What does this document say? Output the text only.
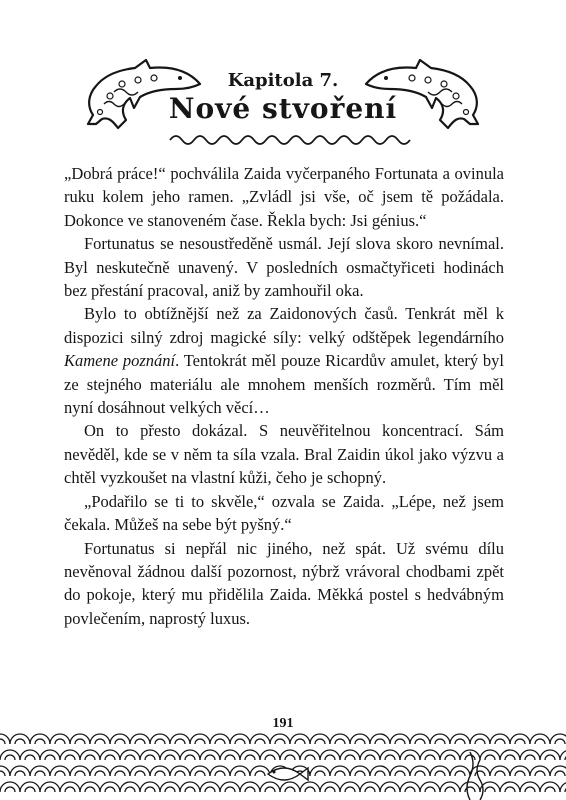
Kapitola 7.
Nové stvoření

„Dobrá práce!“ pochválila Zaida vyčerpaného Fortunata a ovinula ruku kolem jeho ramen. „Zvládl jsi vše, oč jsem tě požádala. Dokonce ve stanoveném čase. Řekla bych: Jsi génius.“

Fortunatus se nesoustředěně usmál. Její slova skoro nevnímal. Byl neskutečně unavený. V posledních osmačtyřiceti hodinách bez přestání pracoval, aniž by zamhouřil oka.

Bylo to obtížnější než za Zaidonových časů. Tenkrát měl k dispozici silný zdroj magické síly: velký odštěpek legendárního Kamene poznání. Tentokrát měl pouze Ricardův amulet, který byl ze stejného materiálu ale mnohem menších rozměrů. Tím měl nyní dosáhnout velkých věcí…

On to přesto dokázal. S neuvěřitelnou koncentrací. Sám nevěděl, kde se v něm ta síla vzala. Bral Zaidin úkol jako výzvu a chtěl vyzkoušet na vlastní kůži, čeho je schopný.

„Podařilo se ti to skvěle,“ ozvala se Zaida. „Lépe, než jsem čekala. Můžeš na sebe být pyšný.“

Fortunatus si nepřál nic jiného, než spát. Už svému dílu nevěnoval žádnou další pozornost, nýbrž vrávoral chodbami zpět do pokoje, který mu přidělila Zaida. Měkká postel s hedvábným povlečením, naprostý luxus.

191
